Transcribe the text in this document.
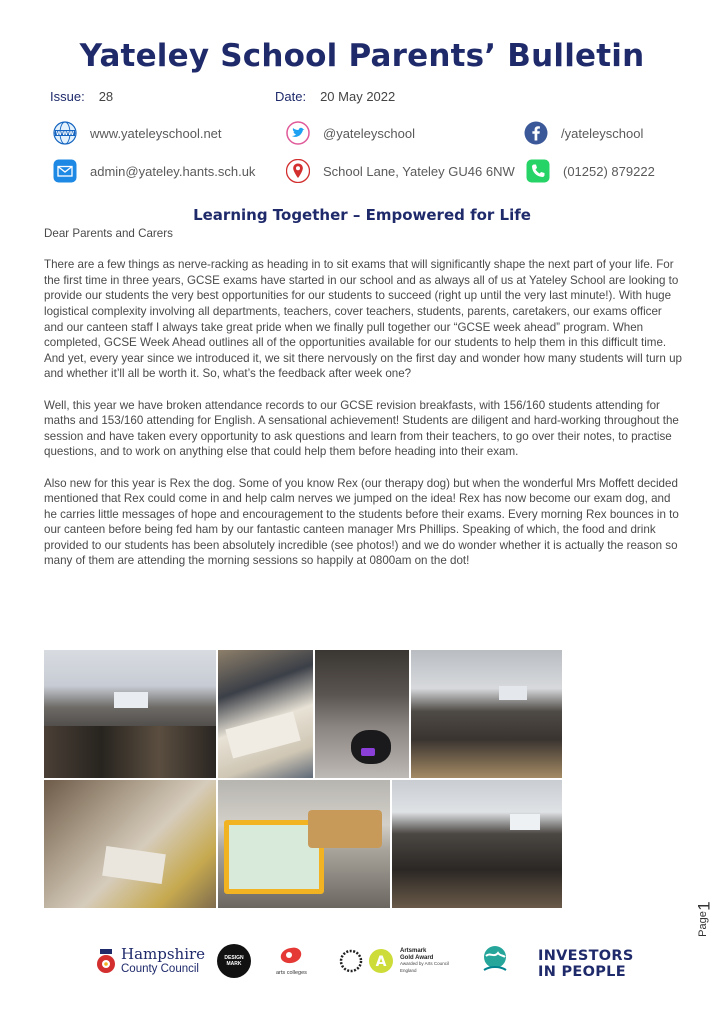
Yateley School Parents’ Bulletin
Issue: 28	Date: 20 May 2022
WWW www.yateleyschool.net	@yateleyschool	/yateleyschool
admin@yateley.hants.sch.uk	School Lane, Yateley GU46 6NW	(01252) 879222
Learning Together – Empowered for Life

Dear Parents and Carers

There are a few things as nerve-racking as heading in to sit exams that will significantly shape the next part of your life. For the first time in three years, GCSE exams have started in our school and as always all of us at Yateley School are looking to provide our students the very best opportunities for our students to succeed (right up until the very last minute!). With huge logistical complexity involving all departments, teachers, cover teachers, students, parents, caretakers, our exams officer and our canteen staff I always take great pride when we finally pull together our “GCSE week ahead” program. When completed, GCSE Week Ahead outlines all of the opportunities available for our students to help them in this difficult time. And yet, every year since we introduced it, we sit there nervously on the first day and wonder how many students will turn up and whether it’ll all be worth it. So, what’s the feedback after week one?

Well, this year we have broken attendance records to our GCSE revision breakfasts, with 156/160 students attending for maths and 153/160 attending for English. A sensational achievement! Students are diligent and hard-working throughout the session and have taken every opportunity to ask questions and learn from their teachers, to go over their notes, to practise questions, and to work on anything else that could help them before heading into their exam.

Also new for this year is Rex the dog. Some of you know Rex (our therapy dog) but when the wonderful Mrs Moffett decided mentioned that Rex could come in and help calm nerves we jumped on the idea! Rex has now become our exam dog, and he carries little messages of hope and encouragement to the students before their exams. Every morning Rex bounces in to our canteen before being fed ham by our fantastic canteen manager Mrs Phillips. Speaking of which, the food and drink provided to our students has been absolutely incredible (see photos!) and we do wonder whether it is actually the reason so many of them are attending the morning sessions so happily at 0800am on the dot!

Page
1
Hampshire
County Council
DESIGN MARK
arts colleges
A
Artsmark
Gold Award
Awarded by Arts Council England
INVESTORS
IN PEOPLE
